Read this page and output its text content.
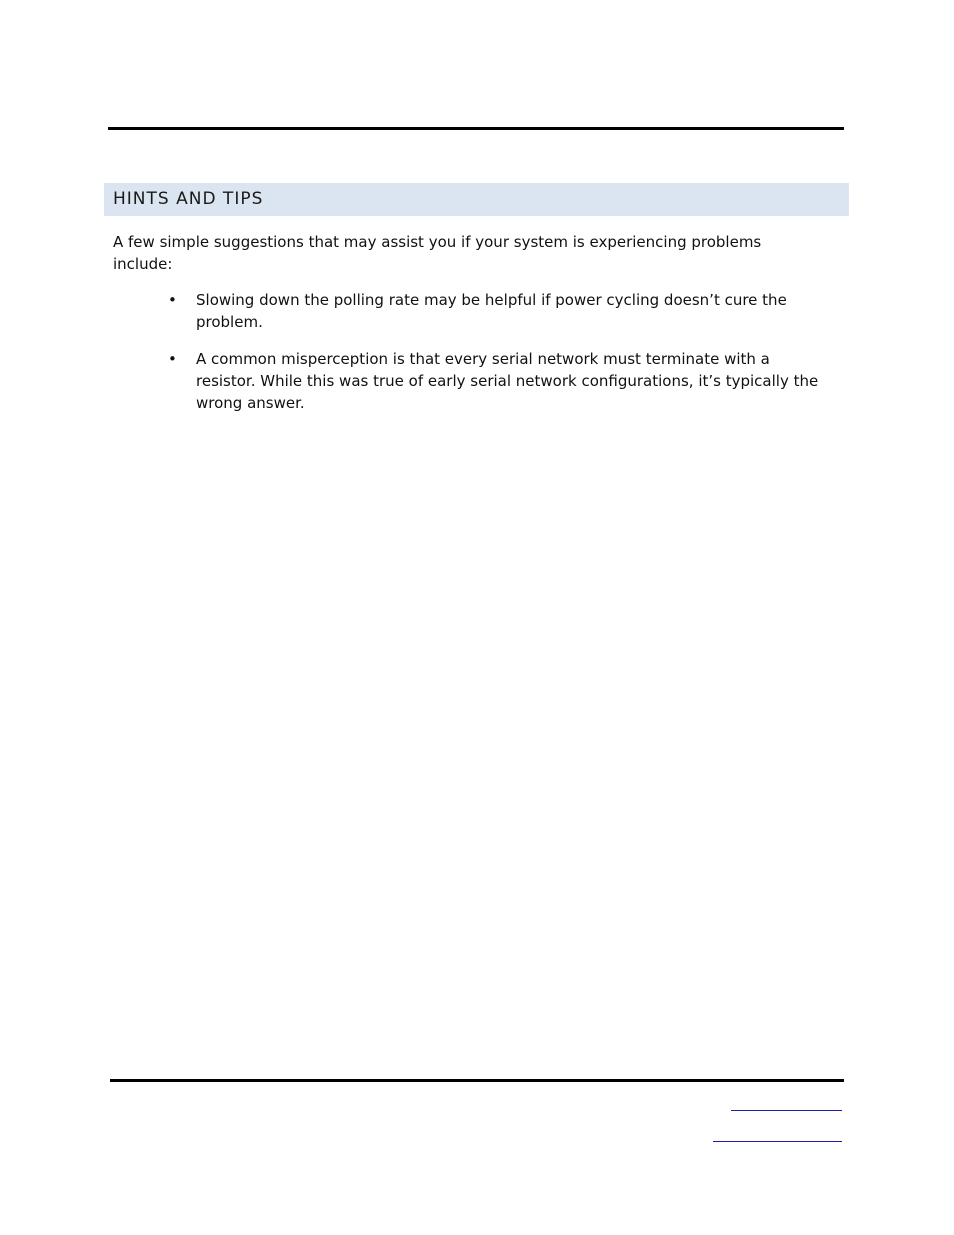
HINTS AND TIPS

A few simple suggestions that may assist you if your system is experiencing problems include:

• Slowing down the polling rate may be helpful if power cycling doesn’t cure the problem.
• A common misperception is that every serial network must terminate with a resistor. While this was true of early serial network configurations, it’s typically the wrong answer.
